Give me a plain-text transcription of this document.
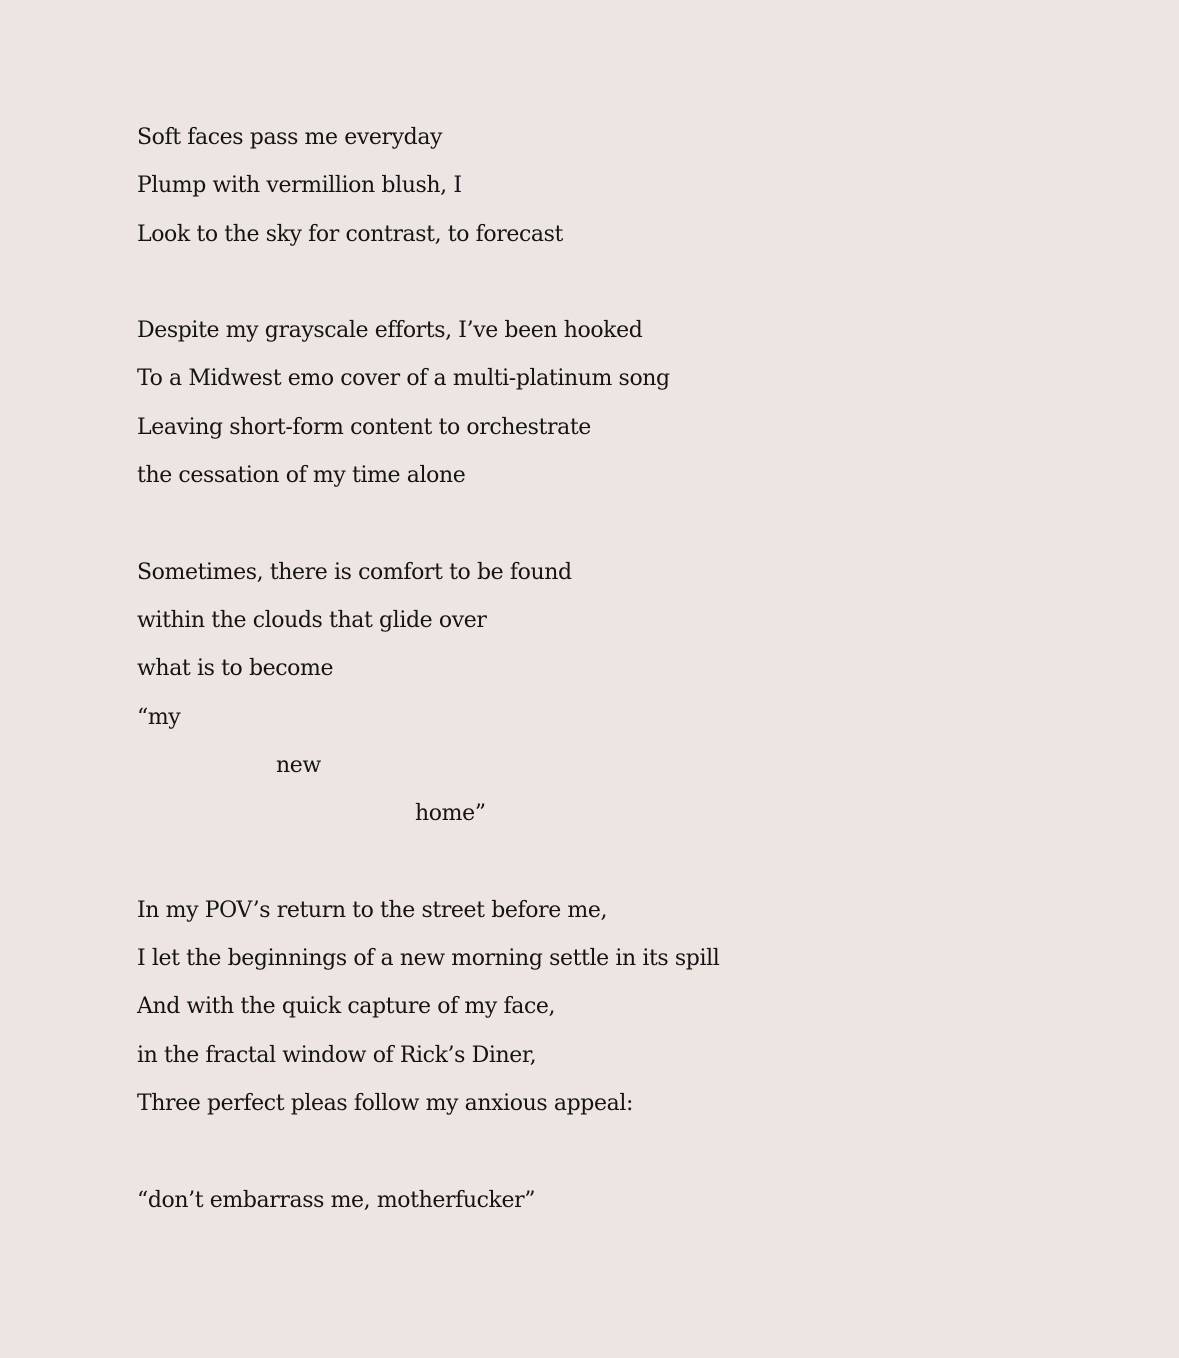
Soft faces pass me everyday
Plump with vermillion blush, I
Look to the sky for contrast, to forecast
Despite my grayscale efforts, I’ve been hooked
To a Midwest emo cover of a multi-platinum song
Leaving short-form content to orchestrate
the cessation of my time alone
Sometimes, there is comfort to be found
within the clouds that glide over
what is to become
“my
new
home”
In my POV’s return to the street before me,
I let the beginnings of a new morning settle in its spill
And with the quick capture of my face,
in the fractal window of Rick’s Diner,
Three perfect pleas follow my anxious appeal:
“don’t embarrass me, motherfucker”
